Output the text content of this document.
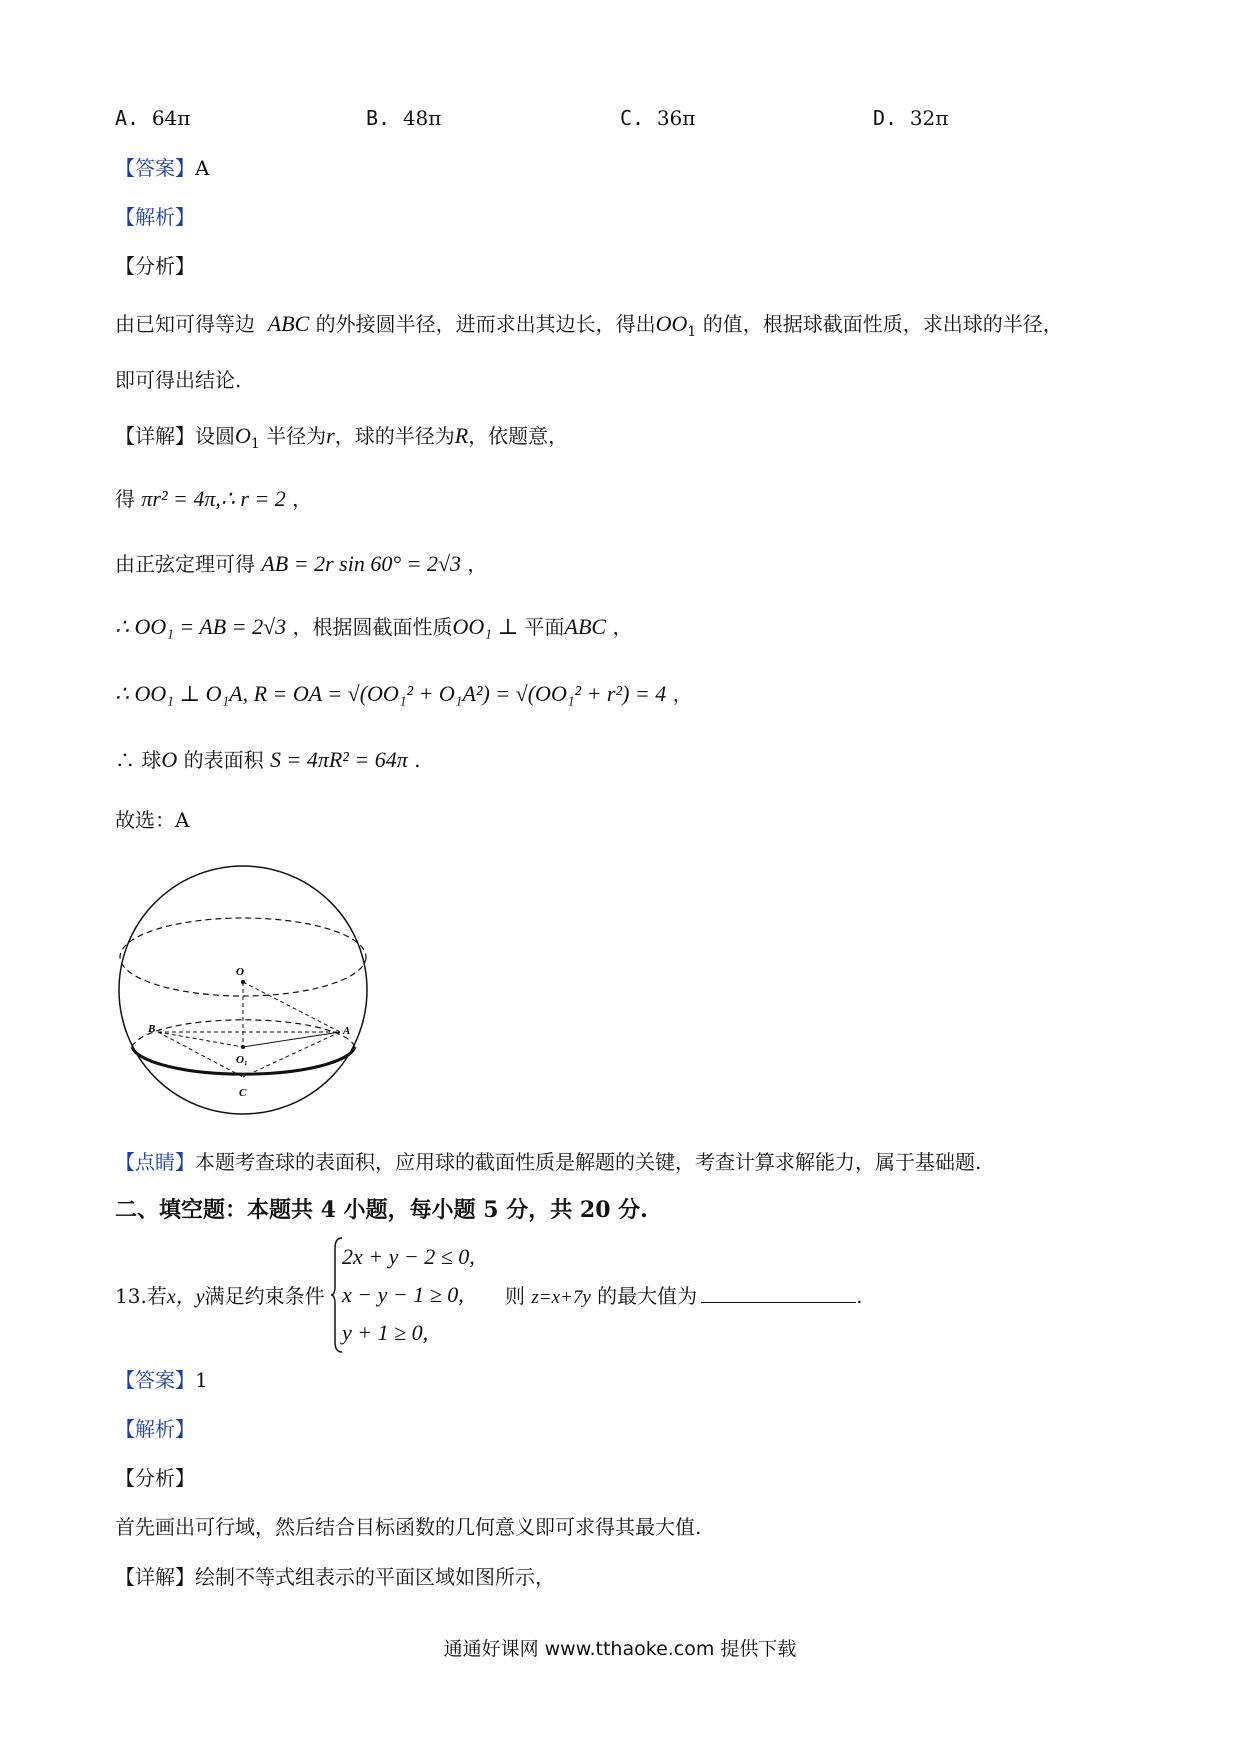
A. 64π	B. 48π	C. 36π	D. 32π
【答案】A
【解析】
【分析】
由已知可得等边 ABC 的外接圆半径，进而求出其边长，得出$OO_1$ 的值，根据球截面性质，求出球的半径，
即可得出结论.
【详解】设圆$O_1$ 半径为r，球的半径为R，依题意，
得 πr² = 4π,∴ r = 2 ，
由正弦定理可得 AB = 2r sin 60° = 2√3 ，
∴ OO₁ = AB = 2√3 ，根据圆截面性质OO₁ ⊥ 平面ABC ，
∴ OO₁ ⊥ O₁A, R = OA = √(OO₁² + O₁A²) = √(OO₁² + r²) = 4 ，
∴ 球O 的表面积 S = 4πR² = 64π .
故选：A
O
A
B
O₁
C
【点睛】本题考查球的表面积，应用球的截面性质是解题的关键，考查计算求解能力，属于基础题.
二、填空题：本题共 4 小题，每小题 5 分，共 20 分.
2x + y − 2 ≤ 0,
x − y − 1 ≥ 0,
y + 1 ≥ 0,
13.若x，y满足约束条件	则 z=x+7y 的最大值为	.
【答案】1
【解析】
【分析】
首先画出可行域，然后结合目标函数的几何意义即可求得其最大值.
【详解】绘制不等式组表示的平面区域如图所示，
通通好课网 www.tthaoke.com 提供下载
